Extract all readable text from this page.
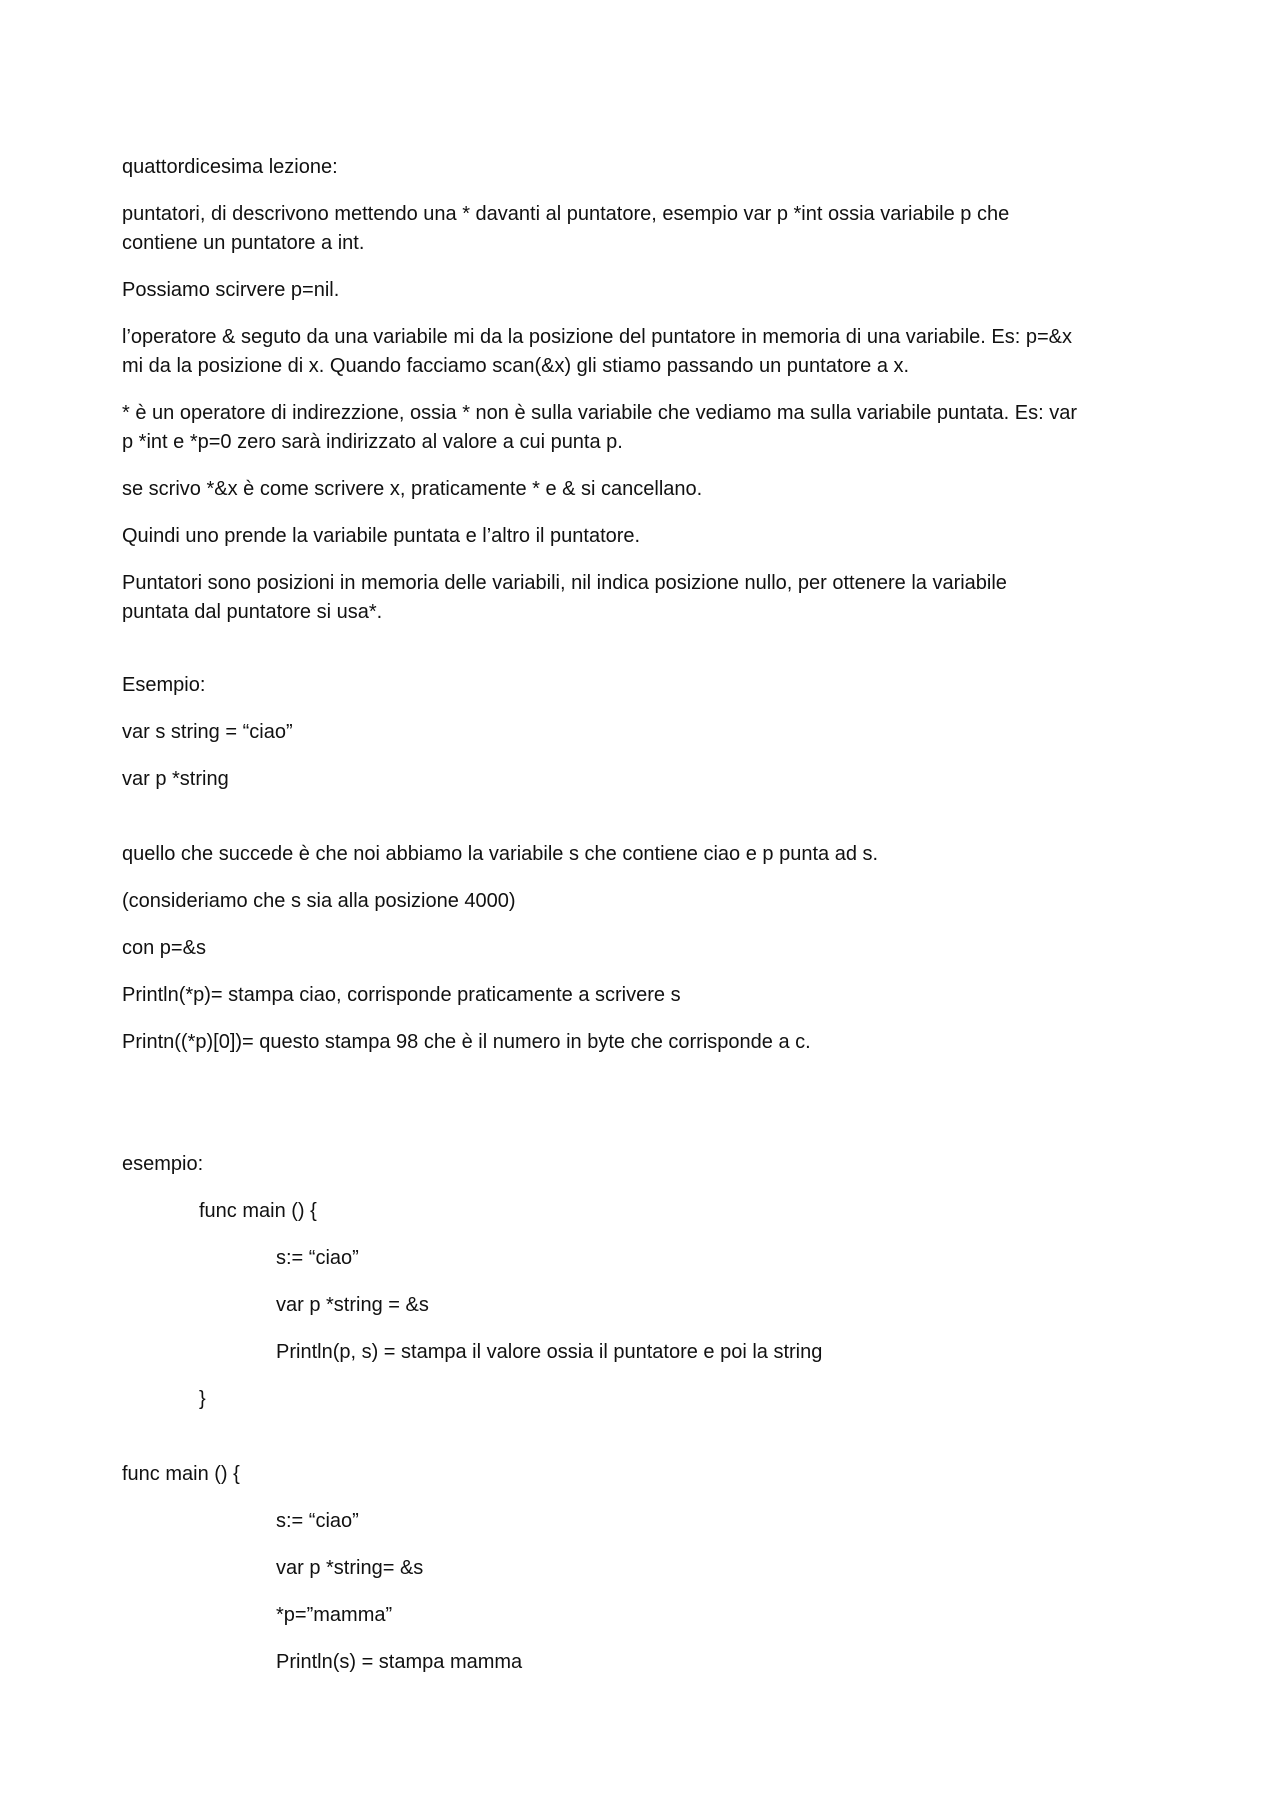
quattordicesima lezione:
puntatori, di descrivono mettendo una * davanti al puntatore, esempio var p *int ossia variabile p che
contiene un puntatore a int.
Possiamo scirvere p=nil.
l’operatore & seguto da una variabile mi da la posizione del puntatore in memoria di una variabile. Es: p=&x
mi da la posizione di x. Quando facciamo scan(&x) gli stiamo passando un puntatore a x.
* è un operatore di indirezzione, ossia * non è sulla variabile che vediamo ma sulla variabile puntata. Es: var
p *int e *p=0 zero sarà indirizzato al valore a cui punta p.
se scrivo *&x è come scrivere x, praticamente * e & si cancellano.
Quindi uno prende la variabile puntata e l’altro il puntatore.
Puntatori sono posizioni in memoria delle variabili, nil indica posizione nullo, per ottenere la variabile
puntata dal puntatore si usa*.
Esempio:
var s string = “ciao”
var p *string
quello che succede è che noi abbiamo la variabile s che contiene ciao e p punta ad s.
(consideriamo che s sia alla posizione 4000)
con p=&s
Println(*p)= stampa ciao, corrisponde praticamente a scrivere s
Printn((*p)[0])= questo stampa 98 che è il numero in byte che corrisponde a c.
esempio:
func main () {
s:= “ciao”
var p *string = &s
Println(p, s) = stampa il valore ossia il puntatore e poi la string
}
func main () {
s:= “ciao”
var p *string= &s
*p=”mamma”
Println(s) = stampa mamma
